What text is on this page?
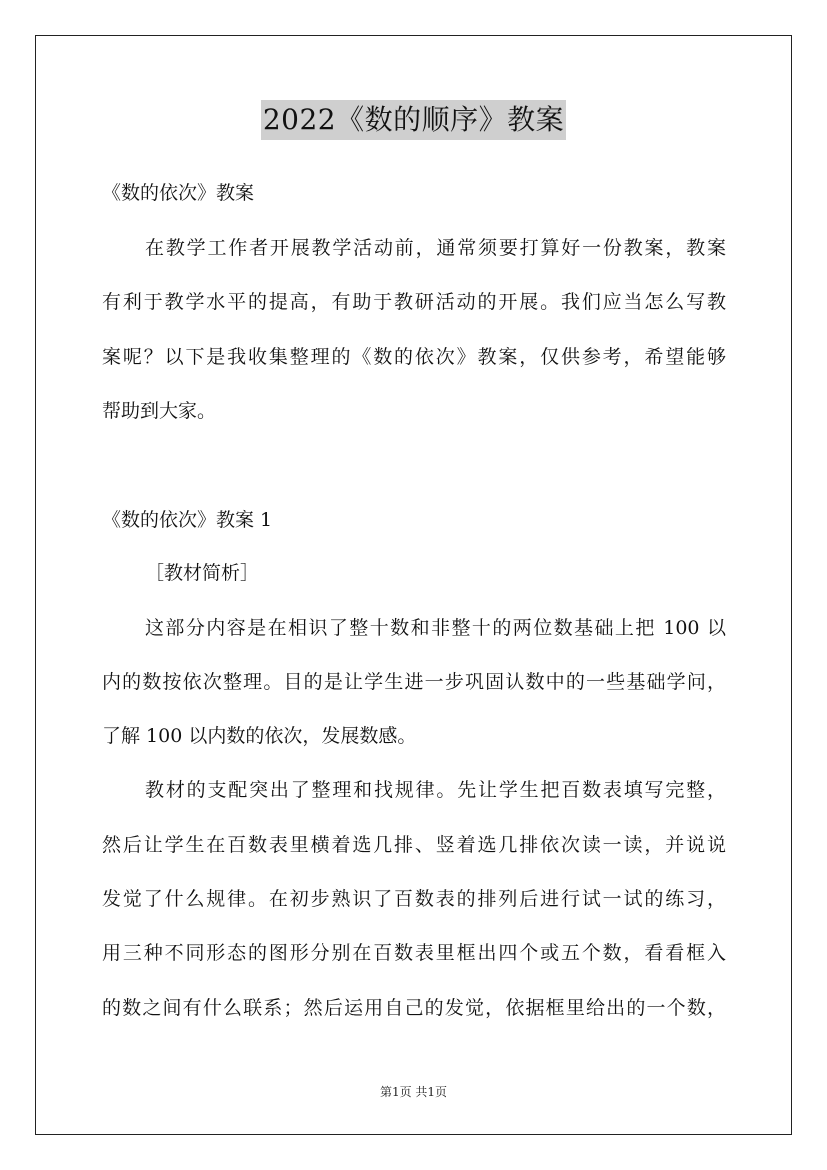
2022《数的顺序》教案
《数的依次》教案
在教学工作者开展教学活动前，通常须要打算好一份教案，教案
有利于教学水平的提高，有助于教研活动的开展。我们应当怎么写教
案呢？以下是我收集整理的《数的依次》教案，仅供参考，希望能够
帮助到大家。
《数的依次》教案 1
［教材简析］
这部分内容是在相识了整十数和非整十的两位数基础上把 100 以
内的数按依次整理。目的是让学生进一步巩固认数中的一些基础学问，
了解 100 以内数的依次，发展数感。
教材的支配突出了整理和找规律。先让学生把百数表填写完整，
然后让学生在百数表里横着选几排、竖着选几排依次读一读，并说说
发觉了什么规律。在初步熟识了百数表的排列后进行试一试的练习，
用三种不同形态的图形分别在百数表里框出四个或五个数，看看框入
的数之间有什么联系；然后运用自己的发觉，依据框里给出的一个数，
第1页 共1页
